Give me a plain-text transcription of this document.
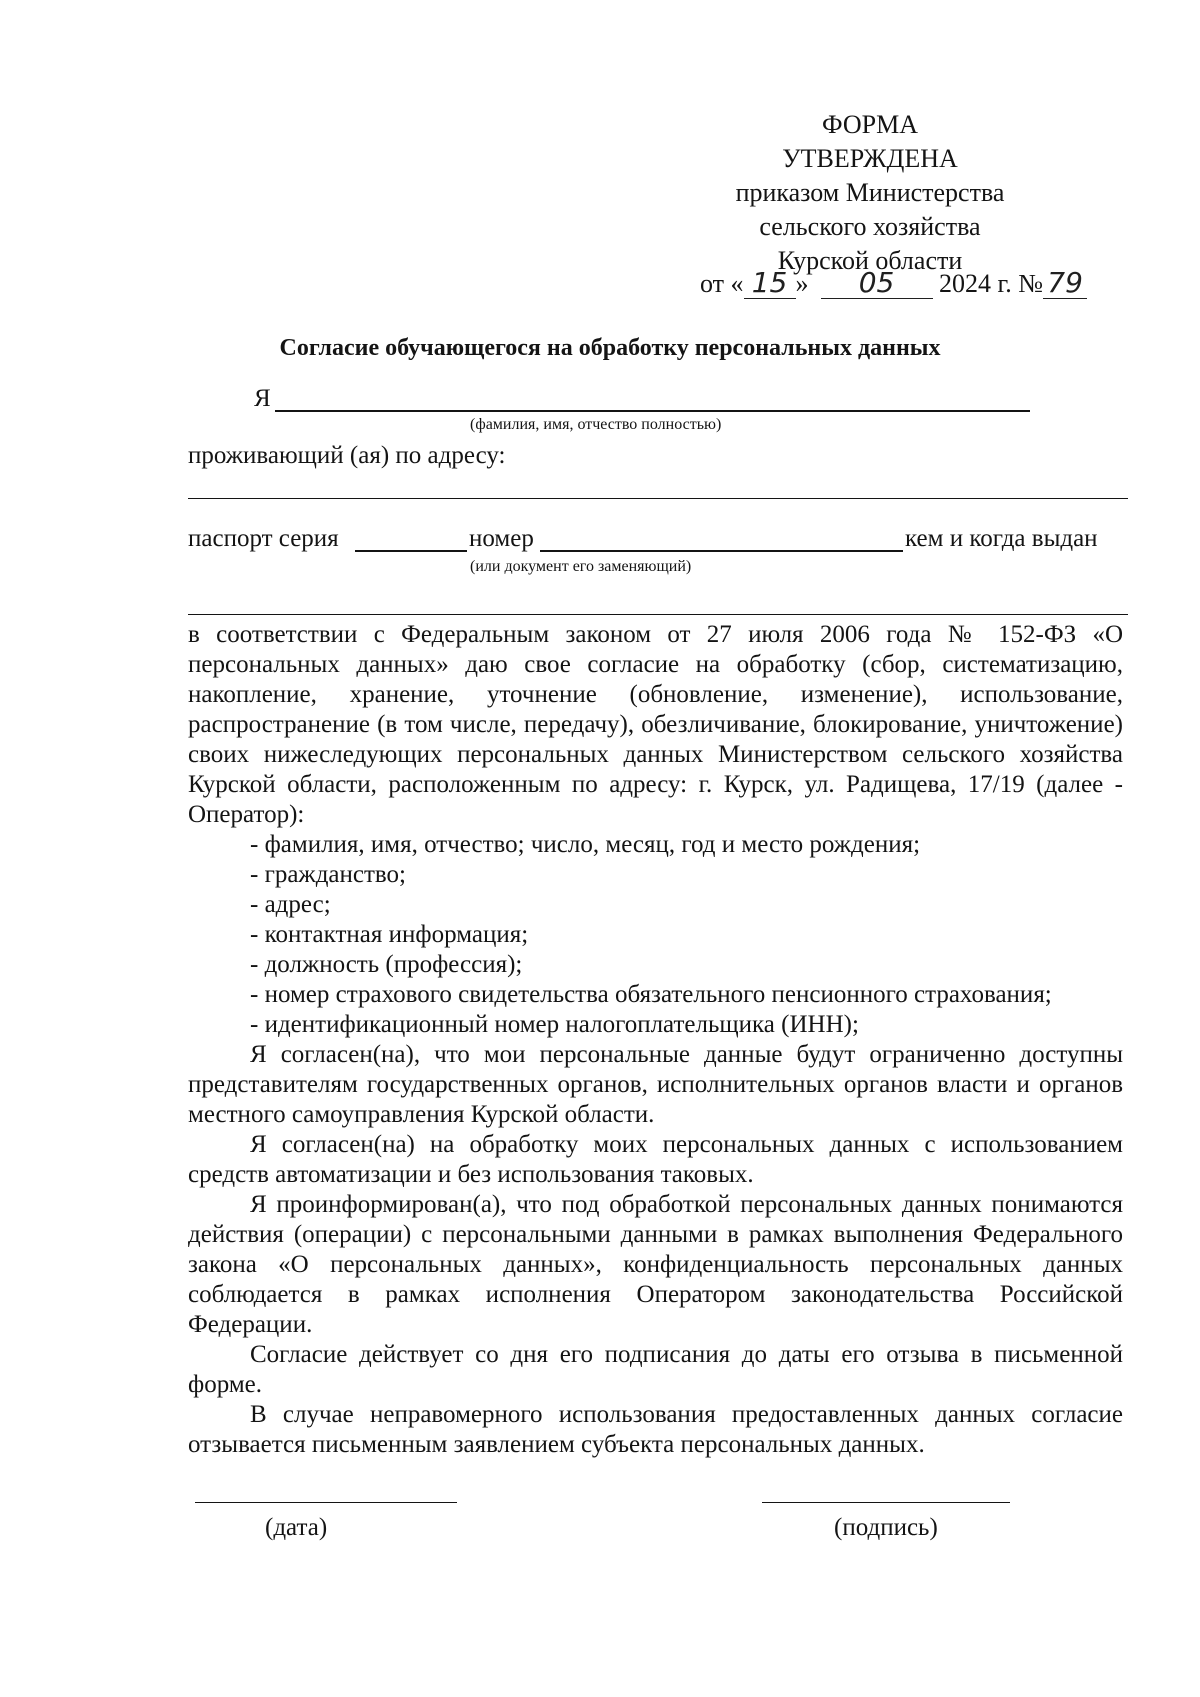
ФОРМА
УТВЕРЖДЕНА
приказом Министерства
сельского хозяйства
Курской области
от « 15 » 05 2024 г. № 79
Согласие обучающегося на обработку персональных данных
Я
(фамилия, имя, отчество полностью)
проживающий (ая) по адресу:
паспорт серия	номер	кем и когда выдан
(или документ его заменяющий)

в соответствии с Федеральным законом от 27 июля 2006 года № 152-ФЗ «О персональных данных» даю свое согласие на обработку (сбор, систематизацию, накопление, хранение, уточнение (обновление, изменение), использование, распространение (в том числе, передачу), обезличивание, блокирование, уничтожение) своих нижеследующих персональных данных Министерством сельского хозяйства Курской области, расположенным по адресу: г. Курск, ул. Радищева, 17/19 (далее - Оператор):

- фамилия, имя, отчество; число, месяц, год и место рождения;
- гражданство;
- адрес;
- контактная информация;
- должность (профессия);
- номер страхового свидетельства обязательного пенсионного страхования;
- идентификационный номер налогоплательщика (ИНН);

Я согласен(на), что мои персональные данные будут ограниченно доступны представителям государственных органов, исполнительных органов власти и органов местного самоуправления Курской области.

Я согласен(на) на обработку моих персональных данных с использованием средств автоматизации и без использования таковых.

Я проинформирован(а), что под обработкой персональных данных понимаются действия (операции) с персональными данными в рамках выполнения Федерального закона «О персональных данных», конфиденциальность персональных данных соблюдается в рамках исполнения Оператором законодательства Российской Федерации.

Согласие действует со дня его подписания до даты его отзыва в письменной форме.

В случае неправомерного использования предоставленных данных согласие отзывается письменным заявлением субъекта персональных данных.

(дата)	(подпись)
